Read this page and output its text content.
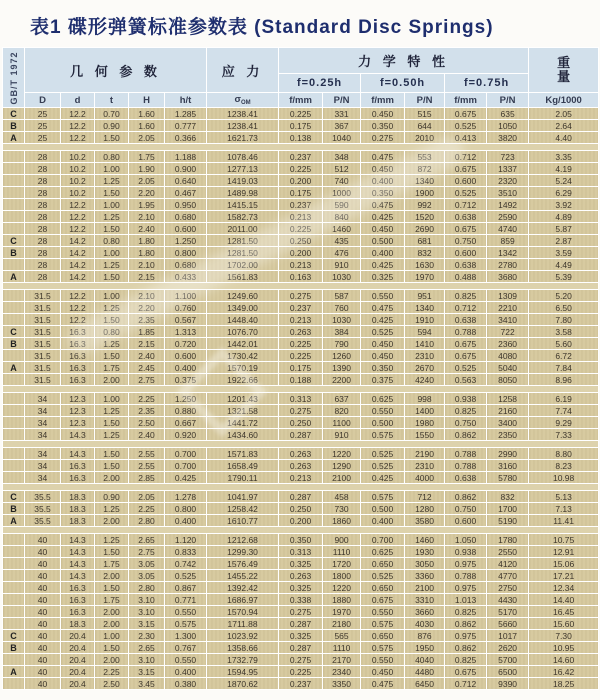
表1 碟形弹簧标准参数表 (Standard Disc Springs)
GB/T 1972	几 何 参 数					应 力	力 学 特 性						重
量
							f=0.25h		f=0.50h		f=0.75h		
	D	d	t	H	h/t	$\sigma_{OM}$	f/mm	P/N	f/mm	P/N	f/mm	P/N	Kg/1000
C	25	12.2	0.70	1.60	1.285	1238.41	0.225	331	0.450	515	0.675	635	2.05
B	25	12.2	0.90	1.60	0.777	1238.41	0.175	367	0.350	644	0.525	1050	2.64
A	25	12.2	1.50	2.05	0.366	1621.73	0.138	1040	0.275	2010	0.413	3820	4.40

	28	10.2	0.80	1.75	1.188	1078.46	0.237	348	0.475	553	0.712	723	3.35
	28	10.2	1.00	1.90	0.900	1277.13	0.225	512	0.450	872	0.675	1337	4.19
	28	10.2	1.25	2.05	0.640	1419.03	0.200	740	0.400	1340	0.600	2320	5.24
	28	10.2	1.50	2.20	0.467	1489.98	0.175	1000	0.350	1900	0.525	3510	6.29
	28	12.2	1.00	1.95	0.950	1415.15	0.237	590	0.475	992	0.712	1492	3.92
	28	12.2	1.25	2.10	0.680	1582.73	0.213	840	0.425	1520	0.638	2590	4.89
	28	12.2	1.50	2.40	0.600	2011.00	0.225	1460	0.450	2690	0.675	4740	5.87
C	28	14.2	0.80	1.80	1.250	1281.50	0.250	435	0.500	681	0.750	859	2.87
B	28	14.2	1.00	1.80	0.800	1281.50	0.200	476	0.400	832	0.600	1342	3.59
	28	14.2	1.25	2.10	0.680	1702.00	0.213	910	0.425	1630	0.638	2780	4.49
A	28	14.2	1.50	2.15	0.433	1561.83	0.163	1030	0.325	1970	0.488	3680	5.39

	31.5	12.2	1.00	2.10	1.100	1249.60	0.275	587	0.550	951	0.825	1309	5.20
	31.5	12.2	1.25	2.20	0.760	1349.00	0.237	760	0.475	1340	0.712	2210	6.50
	31.5	12.2	1.50	2.35	0.567	1448.40	0.213	1030	0.425	1910	0.638	3410	7.80
C	31.5	16.3	0.80	1.85	1.313	1076.70	0.263	384	0.525	594	0.788	722	3.58
B	31.5	16.3	1.25	2.15	0.720	1442.01	0.225	790	0.450	1410	0.675	2360	5.60
	31.5	16.3	1.50	2.40	0.600	1730.42	0.225	1260	0.450	2310	0.675	4080	6.72
A	31.5	16.3	1.75	2.45	0.400	1570.19	0.175	1390	0.350	2670	0.525	5040	7.84
	31.5	16.3	2.00	2.75	0.375	1922.66	0.188	2200	0.375	4240	0.563	8050	8.96

	34	12.3	1.00	2.25	1.250	1201.43	0.313	637	0.625	998	0.938	1258	6.19
	34	12.3	1.25	2.35	0.880	1321.58	0.275	820	0.550	1400	0.825	2160	7.74
	34	12.3	1.50	2.50	0.667	1441.72	0.250	1100	0.500	1980	0.750	3400	9.29
	34	14.3	1.25	2.40	0.920	1434.60	0.287	910	0.575	1550	0.862	2350	7.33

	34	14.3	1.50	2.55	0.700	1571.83	0.263	1220	0.525	2190	0.788	2990	8.80
	34	16.3	1.50	2.55	0.700	1658.49	0.263	1290	0.525	2310	0.788	3160	8.23
	34	16.3	2.00	2.85	0.425	1790.11	0.213	2100	0.425	4000	0.638	5780	10.98

C	35.5	18.3	0.90	2.05	1.278	1041.97	0.287	458	0.575	712	0.862	832	5.13
B	35.5	18.3	1.25	2.25	0.800	1258.42	0.250	730	0.500	1280	0.750	1700	7.13
A	35.5	18.3	2.00	2.80	0.400	1610.77	0.200	1860	0.400	3580	0.600	5190	11.41

	40	14.3	1.25	2.65	1.120	1212.68	0.350	900	0.700	1460	1.050	1780	10.75
	40	14.3	1.50	2.75	0.833	1299.30	0.313	1110	0.625	1930	0.938	2550	12.91
	40	14.3	1.75	3.05	0.742	1576.49	0.325	1720	0.650	3050	0.975	4120	15.06
	40	14.3	2.00	3.05	0.525	1455.22	0.263	1800	0.525	3360	0.788	4770	17.21
	40	16.3	1.50	2.80	0.867	1392.42	0.325	1220	0.650	2100	0.975	2750	12.34
	40	16.3	1.75	3.10	0.771	1686.97	0.338	1880	0.675	3310	1.013	4430	14.40
	40	16.3	2.00	3.10	0.550	1570.94	0.275	1970	0.550	3660	0.825	5170	16.45
	40	18.3	2.00	3.15	0.575	1711.88	0.287	2180	0.575	4030	0.862	5660	15.60
C	40	20.4	1.00	2.30	1.300	1023.92	0.325	565	0.650	876	0.975	1017	7.30
B	40	20.4	1.50	2.65	0.767	1358.66	0.287	1110	0.575	1950	0.862	2620	10.95
	40	20.4	2.00	3.10	0.550	1732.79	0.275	2170	0.550	4040	0.825	5700	14.60
A	40	20.4	2.25	3.15	0.400	1594.95	0.225	2340	0.450	4480	0.675	6500	16.42
	40	20.4	2.50	3.45	0.380	1870.62	0.237	3350	0.475	6450	0.712	9390	18.25
